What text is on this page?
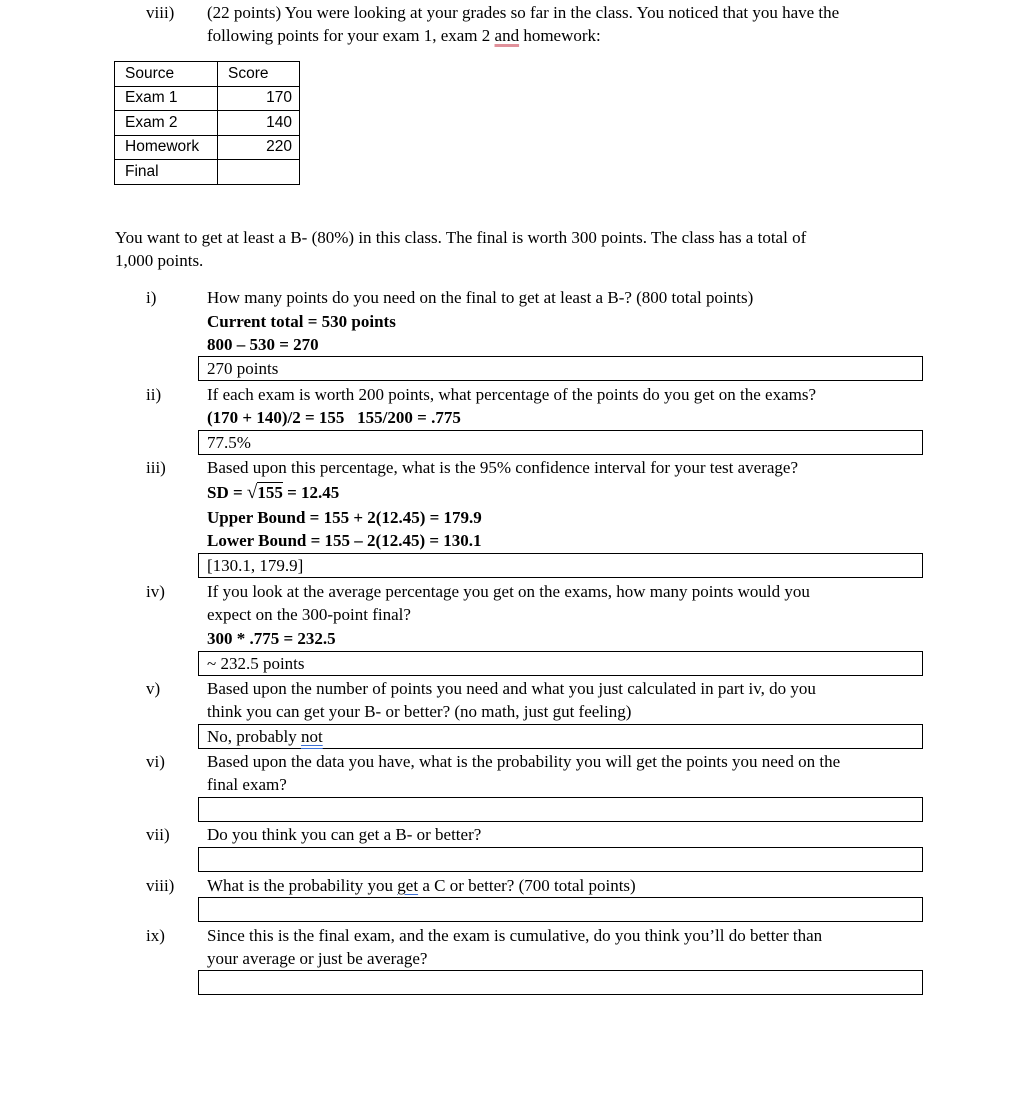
viii) (22 points) You were looking at your grades so far in the class. You noticed that you have the
following points for your exam 1, exam 2 and homework:
Source	Score
Exam 1	170
Exam 2	140
Homework	220
Final	
You want to get at least a B- (80%) in this class. The final is worth 300 points. The class has a total of
1,000 points.
i)	How many points do you need on the final to get at least a B-? (800 total points)
Current total = 530 points
800 – 530 = 270
270 points
ii)	If each exam is worth 200 points, what percentage of the points do you get on the exams?
(170 + 140)/2 = 155   155/200 = .775
77.5%
iii) Based upon this percentage, what is the 95% confidence interval for your test average?
SD = √155 = 12.45
Upper Bound = 155 + 2(12.45) = 179.9
Lower Bound = 155 – 2(12.45) = 130.1
[130.1, 179.9]
iv) If you look at the average percentage you get on the exams, how many points would you
expect on the 300-point final?
300 * .775 = 232.5
~ 232.5 points
v)	Based upon the number of points you need and what you just calculated in part iv, do you
think you can get your B- or better? (no math, just gut feeling)
No, probably not
vi) Based upon the data you have, what is the probability you will get the points you need on the
final exam?
vii) Do you think you can get a B- or better?
viii) What is the probability you get a C or better? (700 total points)
ix) Since this is the final exam, and the exam is cumulative, do you think you’ll do better than
your average or just be average?
